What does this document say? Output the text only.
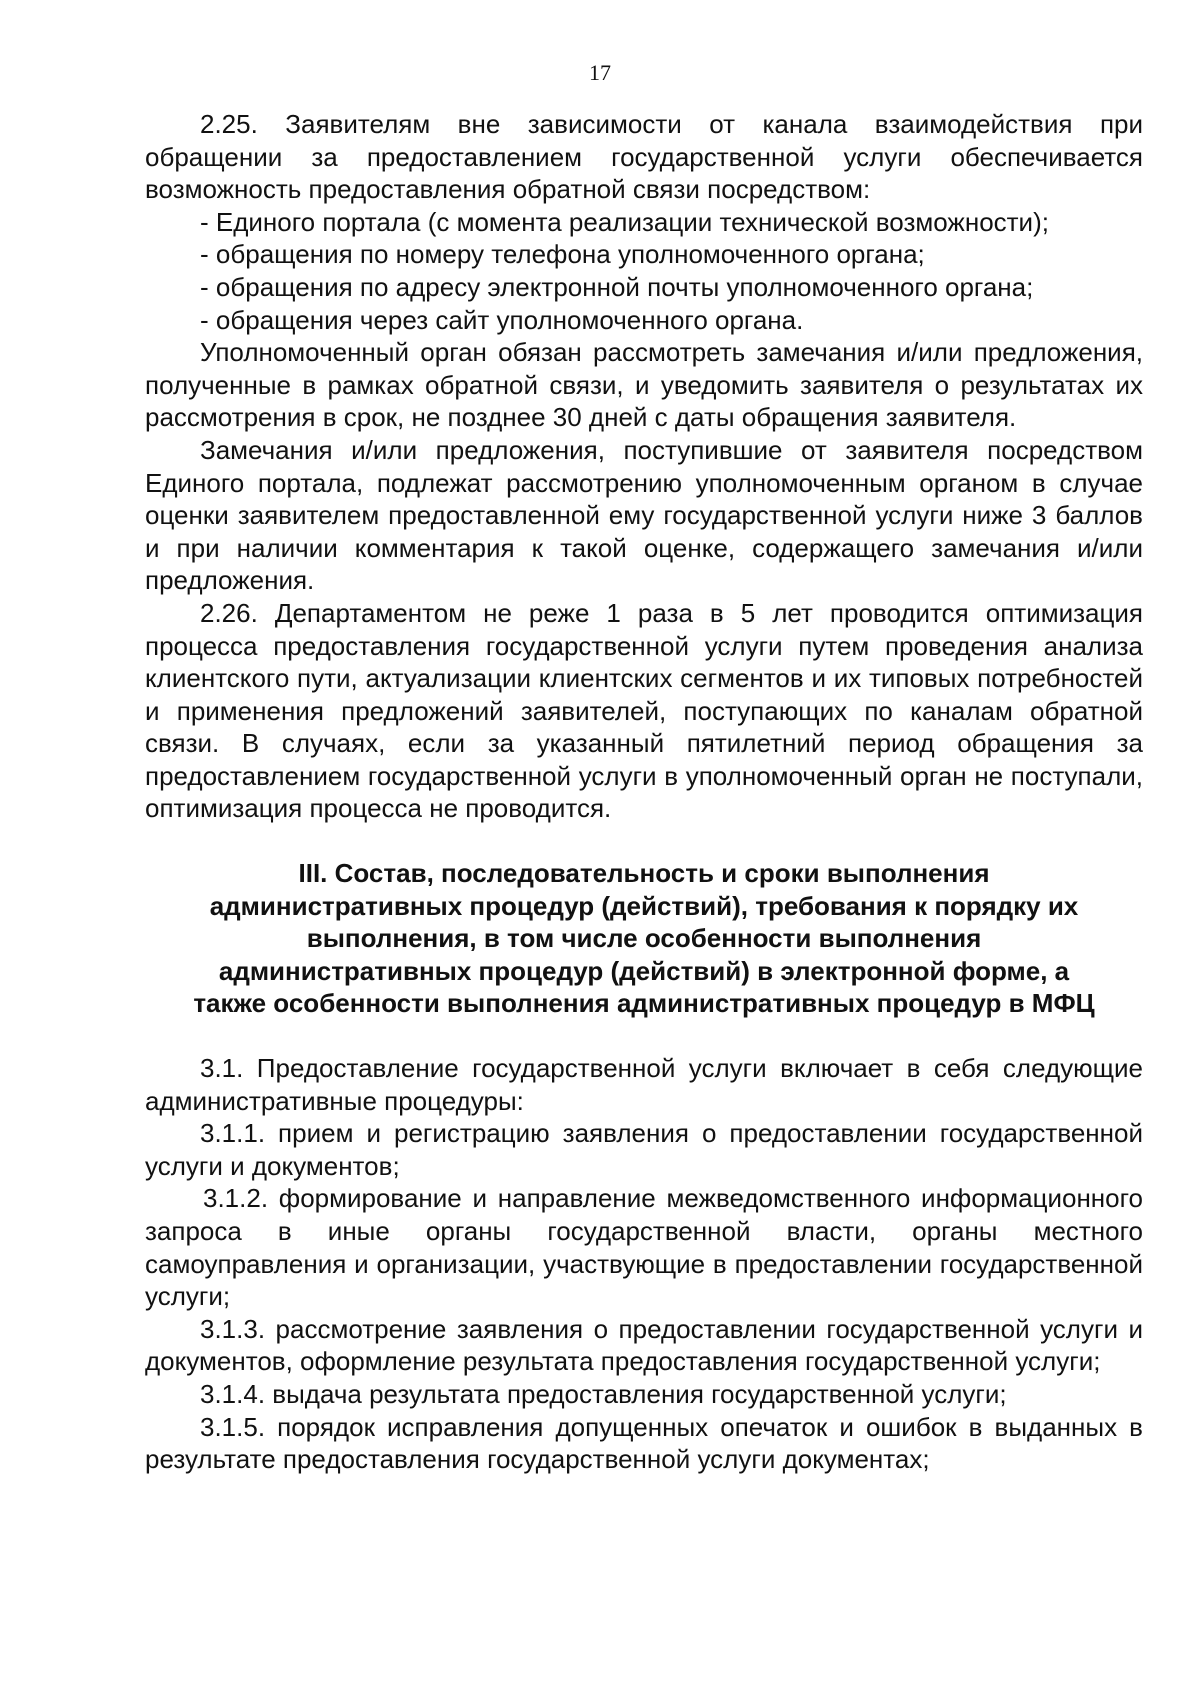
17

2.25. Заявителям вне зависимости от канала взаимодействия при обращении за предоставлением государственной услуги обеспечивается возможность предоставления обратной связи посредством:

- Единого портала (с момента реализации технической возможности);

- обращения по номеру телефона уполномоченного органа;

- обращения по адресу электронной почты уполномоченного органа;

- обращения через сайт уполномоченного органа.

Уполномоченный орган обязан рассмотреть замечания и/или предложения, полученные в рамках обратной связи, и уведомить заявителя о результатах их рассмотрения в срок, не позднее 30 дней с даты обращения заявителя.

Замечания и/или предложения, поступившие от заявителя посредством Единого портала, подлежат рассмотрению уполномоченным органом в случае оценки заявителем предоставленной ему государственной услуги ниже 3 баллов и при наличии комментария к такой оценке, содержащего замечания и/или предложения.

2.26. Департаментом не реже 1 раза в 5 лет проводится оптимизация процесса предоставления государственной услуги путем проведения анализа клиентского пути, актуализации клиентских сегментов и их типовых потребностей и применения предложений заявителей, поступающих по каналам обратной связи. В случаях, если за указанный пятилетний период обращения за предоставлением государственной услуги в уполномоченный орган не поступали, оптимизация процесса не проводится.

III. Состав, последовательность и сроки выполнения административных процедур (действий), требования к порядку их выполнения, в том числе особенности выполнения административных процедур (действий) в электронной форме, а также особенности выполнения административных процедур в МФЦ

3.1. Предоставление государственной услуги включает в себя следующие административные процедуры:

3.1.1. прием и регистрацию заявления о предоставлении государственной услуги и документов;

3.1.2. формирование и направление межведомственного информационного запроса в иные органы государственной власти, органы местного самоуправления и организации, участвующие в предоставлении государственной услуги;

3.1.3. рассмотрение заявления о предоставлении государственной услуги и документов, оформление результата предоставления государственной услуги;

3.1.4. выдача результата предоставления государственной услуги;

3.1.5. порядок исправления допущенных опечаток и ошибок в выданных в результате предоставления государственной услуги документах;
